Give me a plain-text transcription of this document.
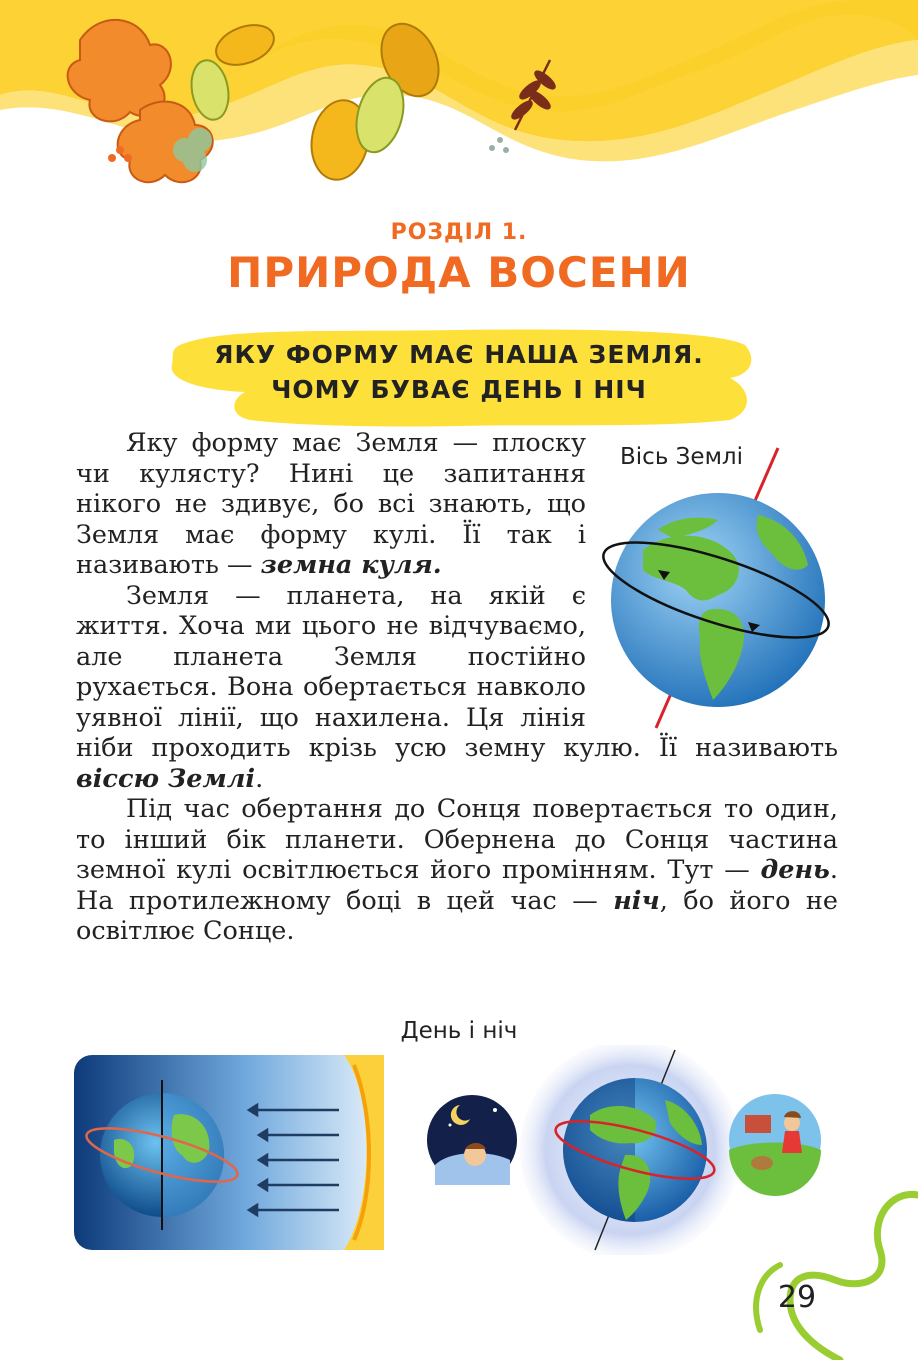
РОЗДІЛ 1.
ПРИРОДА ВОСЕНИ
ЯКУ ФОРМУ МАЄ НАША ЗЕМЛЯ.
ЧОМУ БУВАЄ ДЕНЬ І НІЧ

Яку форму має Земля — плоску чи кулясту? Нині це запитання нікого не здивує, бо всі знають, що Земля має форму кулі. Її так і називають — земна куля.

Земля — планета, на якій є життя. Хоча ми цього не відчуваємо, але планета Земля постійно рухається. Вона обертається навколо уявної лінії, що нахилена. Ця лінія ніби проходить крізь усю земну кулю. Її називають віссю Землі.

Під час обертання до Сонця повертається то один, то інший бік планети. Обернена до Сонця частина земної кулі освітлюється його промінням. Тут — день. На протилежному боці в цей час — ніч, бо його не освітлює Сонце.

Вісь Землі
День і ніч
29
